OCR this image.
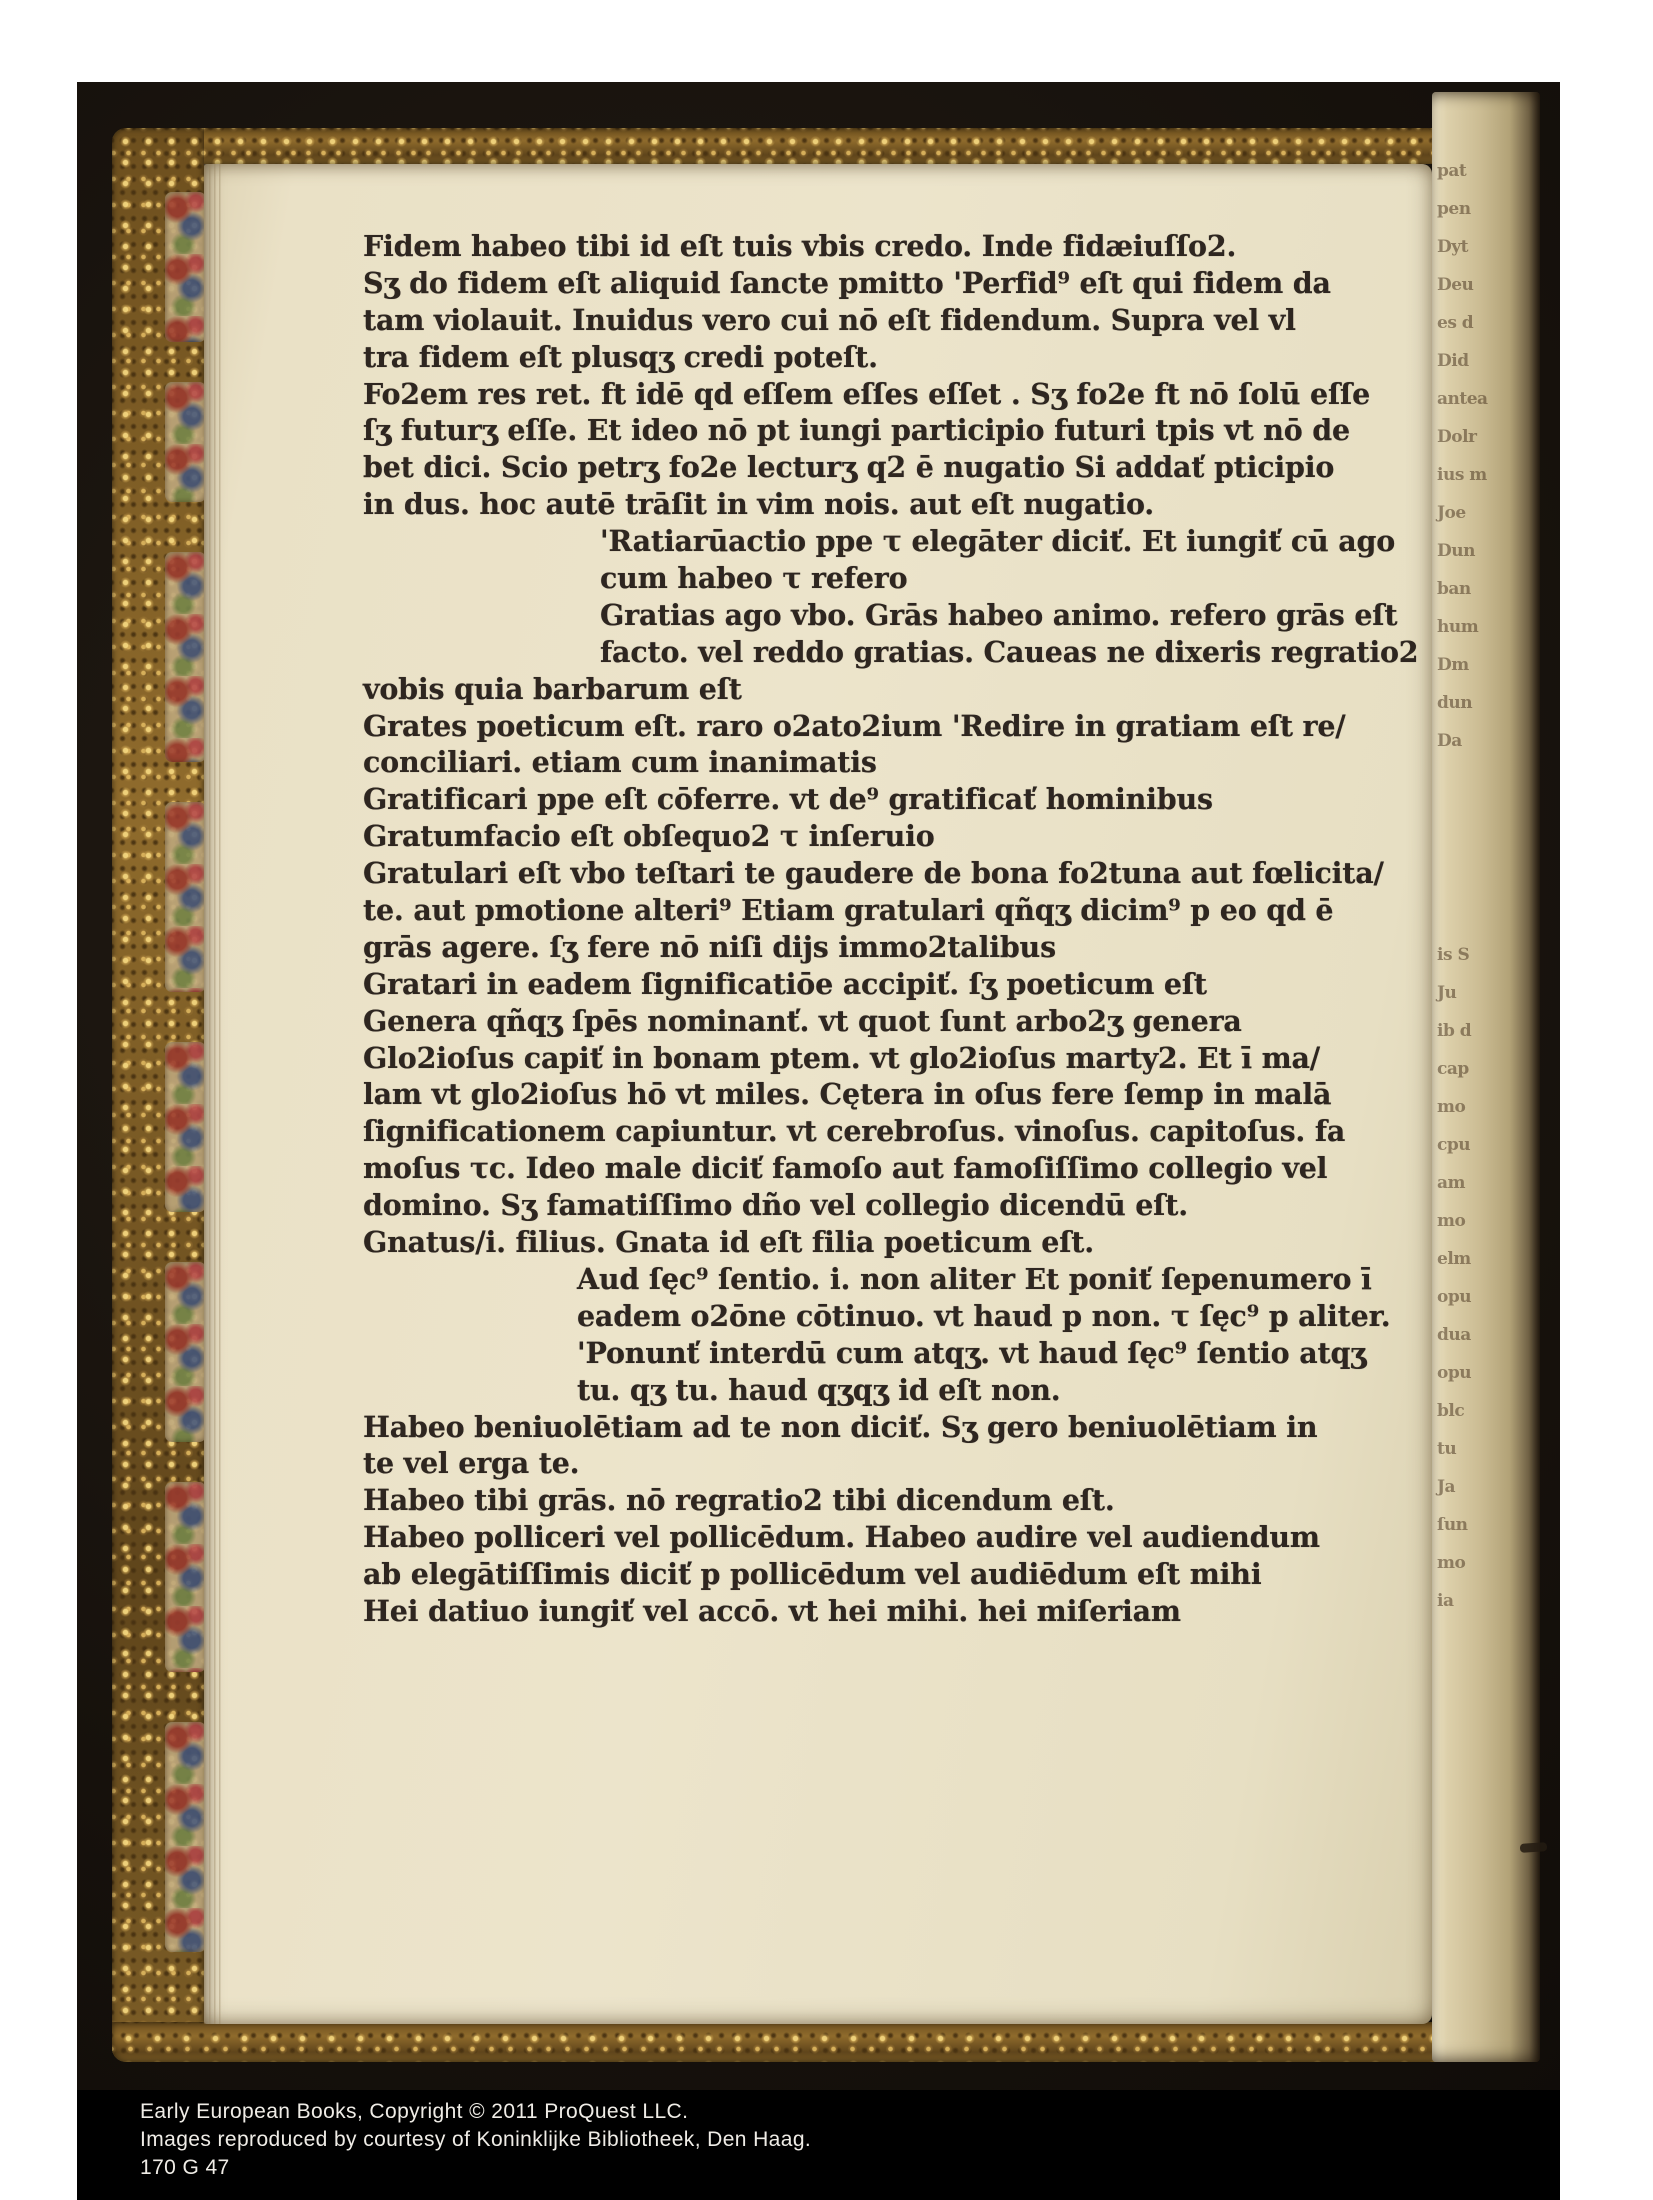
pat
pen
Dyt
Deu
es d
Did
antea
Dolr
ius m
Joe
Dun
ban
hum
Dm
dun
Da
is S
Ju
ib d
cap
mo
cpu
am
mo
elm
opu
dua
opu
blc
tu
Ja
ſun
mo
ia
Fidem habeo tibi id eſt tuis vbis credo. Inde fidæiuſſo2.
Sʒ do fidem eſt aliquid ſancte pmitto 'Perfid⁹ eſt qui fidem da
tam violauit. Inuidus vero cui nō eſt fidendum. Supra vel vl
tra fidem eſt plusqʒ credi poteſt.
Fo2em res ret. ft idē qd eſſem eſſes eſſet . Sʒ fo2e ft nō ſolū eſſe
ſʒ futurʒ eſſe. Et ideo nō pt iungi participio futuri tpis vt nō de
bet dici. Scio petrʒ fo2e lecturʒ q2 ē nugatio Si addať pticipio
in dus. hoc autē trāſit in vim nois. aut eſt nugatio.
'Ratiarūactio ppe τ elegāter diciť. Et iungiť cū ago
cum habeo τ refero
Gratias ago vbo. Grās habeo animo. refero grās eſt
facto. vel reddo gratias. Caueas ne dixeris regratio2
vobis quia barbarum eſt
Grates poeticum eſt. raro o2ato2ium 'Redire in gratiam eſt re/
conciliari. etiam cum inanimatis
Gratificari ppe eſt cōferre. vt de⁹ gratificať hominibus
Gratumfacio eſt obſequo2 τ inſeruio
Gratulari eſt vbo teſtari te gaudere de bona fo2tuna aut fœlicita/
te. aut pmotione alteri⁹ Etiam gratulari qñqʒ dicim⁹ p eo qd ē
grās agere. ſʒ fere nō niſi dijs immo2talibus
Gratari in eadem ſignificatiōe accipiť. ſʒ poeticum eſt
Genera qñqʒ ſpēs nominanť. vt quot ſunt arbo2ʒ genera
Glo2ioſus capiť in bonam ptem. vt glo2ioſus marty2. Et ī ma/
lam vt glo2ioſus hō vt miles. Cętera in oſus fere ſemp in malā
ſignificationem capiuntur. vt cerebroſus. vinoſus. capitoſus. fa
moſus τc. Ideo male diciť famoſo aut famoſiſſimo collegio vel
domino. Sʒ famatiſſimo dño vel collegio dicendū eſt.
Gnatus/i. filius. Gnata id eſt filia poeticum eſt.
Aud ſęc⁹ ſentio. i. non aliter Et poniť ſepenumero ī
eadem o2ōne cōtinuo. vt haud p non. τ ſęc⁹ p aliter.
'Ponunť interdū cum atqʒ. vt haud ſęc⁹ ſentio atqʒ
tu. qʒ tu. haud qʒqʒ id eſt non.
Habeo beniuolētiam ad te non diciť. Sʒ gero beniuolētiam in
te vel erga te.
Habeo tibi grās. nō regratio2 tibi dicendum eſt.
Habeo polliceri vel pollicēdum. Habeo audire vel audiendum
ab elegātiſſimis diciť p pollicēdum vel audiēdum eſt mihi
Hei datiuo iungiť vel accō. vt hei mihi. hei miſeriam
Early European Books, Copyright © 2011 ProQuest LLC.
Images reproduced by courtesy of Koninklijke Bibliotheek, Den Haag.
170 G 47
